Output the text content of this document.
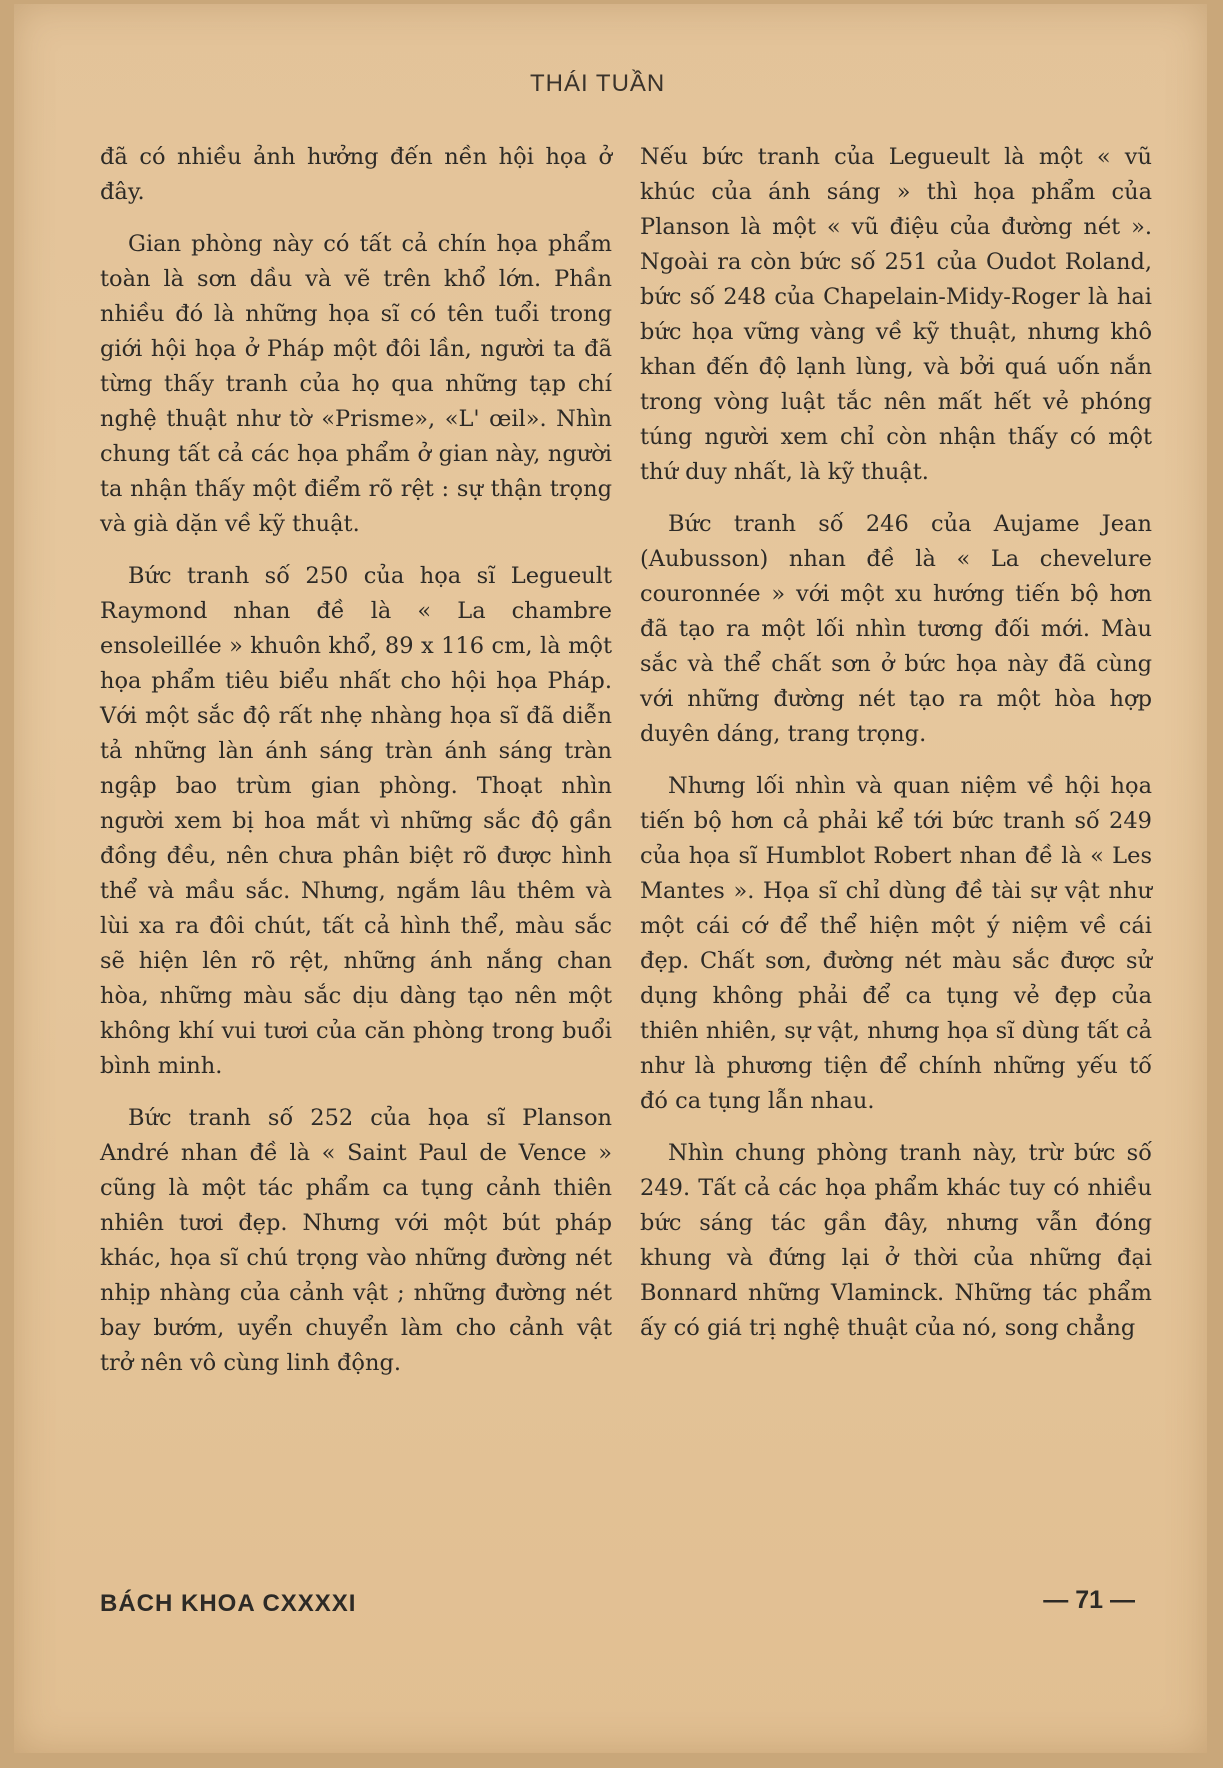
THÁI TUẦN

đã có nhiều ảnh hưởng đến nền hội họa ở đây.

Gian phòng này có tất cả chín họa phẩm toàn là sơn dầu và vẽ trên khổ lớn. Phần nhiều đó là những họa sĩ có tên tuổi trong giới hội họa ở Pháp một đôi lần, người ta đã từng thấy tranh của họ qua những tạp chí nghệ thuật như tờ «Prisme», «L' œil». Nhìn chung tất cả các họa phẩm ở gian này, người ta nhận thấy một điểm rõ rệt : sự thận trọng và già dặn về kỹ thuật.

Bức tranh số 250 của họa sĩ Legueult Raymond nhan đề là « La chambre ensoleillée » khuôn khổ, 89 x 116 cm, là một họa phẩm tiêu biểu nhất cho hội họa Pháp. Với một sắc độ rất nhẹ nhàng họa sĩ đã diễn tả những làn ánh sáng tràn ánh sáng tràn ngập bao trùm gian phòng. Thoạt nhìn người xem bị hoa mắt vì những sắc độ gần đồng đều, nên chưa phân biệt rõ được hình thể và mầu sắc. Nhưng, ngắm lâu thêm và lùi xa ra đôi chút, tất cả hình thể, màu sắc sẽ hiện lên rõ rệt, những ánh nắng chan hòa, những màu sắc dịu dàng tạo nên một không khí vui tươi của căn phòng trong buổi bình minh.

Bức tranh số 252 của họa sĩ Planson André nhan đề là « Saint Paul de Vence » cũng là một tác phẩm ca tụng cảnh thiên nhiên tươi đẹp. Nhưng với một bút pháp khác, họa sĩ chú trọng vào những đường nét nhịp nhàng của cảnh vật ; những đường nét bay bướm, uyển chuyển làm cho cảnh vật trở nên vô cùng linh động.

Nếu bức tranh của Legueult là một « vũ khúc của ánh sáng » thì họa phẩm của Planson là một « vũ điệu của đường nét ». Ngoài ra còn bức số 251 của Oudot Roland, bức số 248 của Chapelain-Midy-Roger là hai bức họa vững vàng về kỹ thuật, nhưng khô khan đến độ lạnh lùng, và bởi quá uốn nắn trong vòng luật tắc nên mất hết vẻ phóng túng người xem chỉ còn nhận thấy có một thứ duy nhất, là kỹ thuật.

Bức tranh số 246 của Aujame Jean (Aubusson) nhan đề là « La chevelure couronnée » với một xu hướng tiến bộ hơn đã tạo ra một lối nhìn tương đối mới. Màu sắc và thể chất sơn ở bức họa này đã cùng với những đường nét tạo ra một hòa hợp duyên dáng, trang trọng.

Nhưng lối nhìn và quan niệm về hội họa tiến bộ hơn cả phải kể tới bức tranh số 249 của họa sĩ Humblot Robert nhan đề là « Les Mantes ». Họa sĩ chỉ dùng đề tài sự vật như một cái cớ để thể hiện một ý niệm về cái đẹp. Chất sơn, đường nét màu sắc được sử dụng không phải để ca tụng vẻ đẹp của thiên nhiên, sự vật, nhưng họa sĩ dùng tất cả như là phương tiện để chính những yếu tố đó ca tụng lẫn nhau.

Nhìn chung phòng tranh này, trừ bức số 249. Tất cả các họa phẩm khác tuy có nhiều bức sáng tác gần đây, nhưng vẫn đóng khung và đứng lại ở thời của những đại Bonnard những Vlaminck. Những tác phẩm ấy có giá trị nghệ thuật của nó, song chẳng

BÁCH KHOA CXXXXI	— 71 —
